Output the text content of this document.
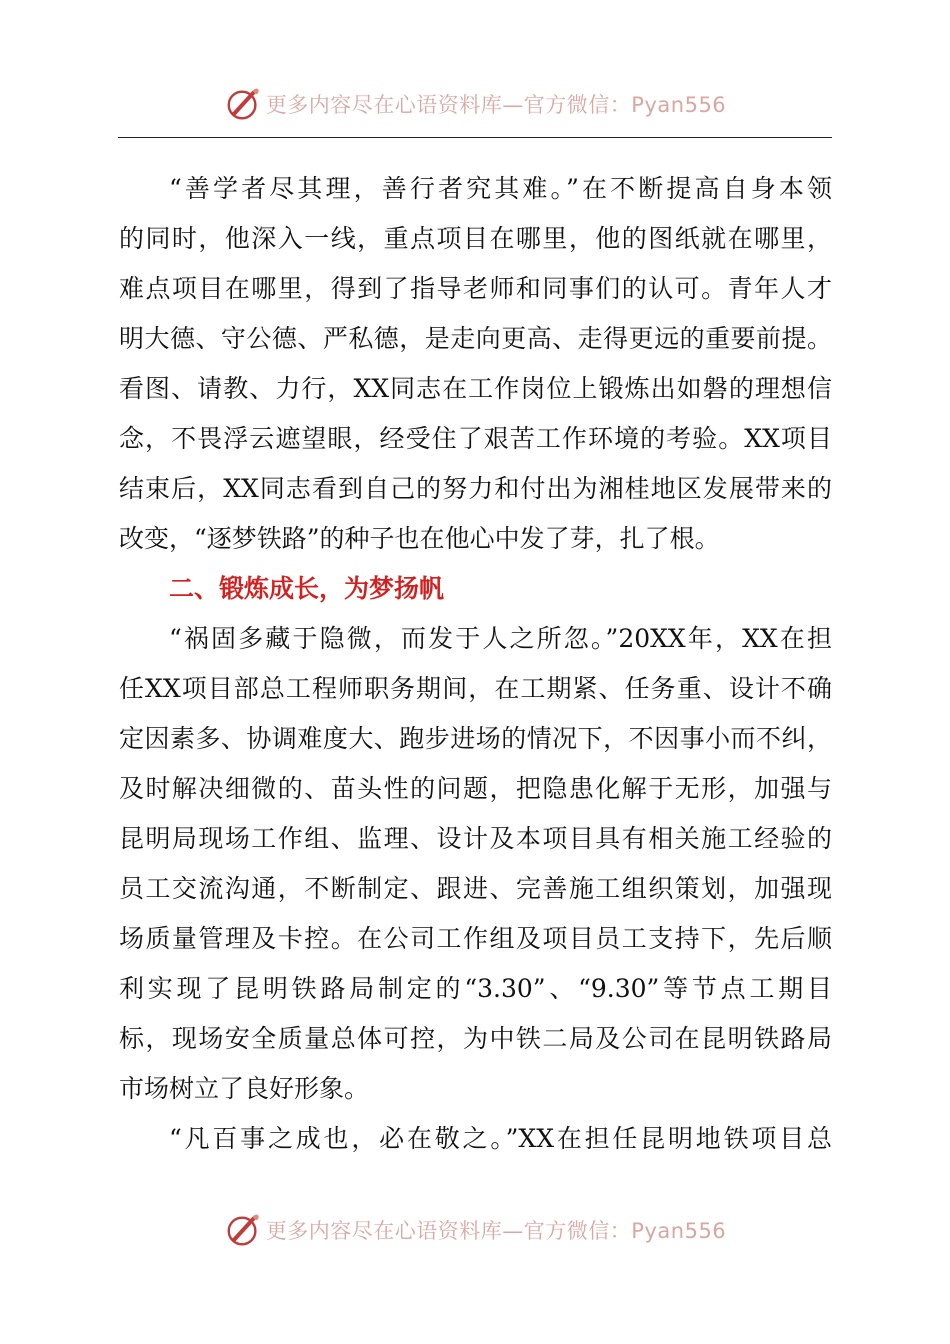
更多内容尽在心语资料库—官方微信：Pyan556
“善学者尽其理，善行者究其难。”在不断提高自身本领
的同时，他深入一线，重点项目在哪里，他的图纸就在哪里，
难点项目在哪里，得到了指导老师和同事们的认可。青年人才
明大德、守公德、严私德，是走向更高、走得更远的重要前提。
看图、请教、力行，XX同志在工作岗位上锻炼出如磐的理想信
念，不畏浮云遮望眼，经受住了艰苦工作环境的考验。XX项目
结束后，XX同志看到自己的努力和付出为湘桂地区发展带来的
改变，“逐梦铁路”的种子也在他心中发了芽，扎了根。
二、锻炼成长，为梦扬帆
“祸固多藏于隐微，而发于人之所忽。”20XX年，XX在担
任XX项目部总工程师职务期间，在工期紧、任务重、设计不确
定因素多、协调难度大、跑步进场的情况下，不因事小而不纠，
及时解决细微的、苗头性的问题，把隐患化解于无形，加强与
昆明局现场工作组、监理、设计及本项目具有相关施工经验的
员工交流沟通，不断制定、跟进、完善施工组织策划，加强现
场质量管理及卡控。在公司工作组及项目员工支持下，先后顺
利实现了昆明铁路局制定的“3.30”、“9.30”等节点工期目
标，现场安全质量总体可控，为中铁二局及公司在昆明铁路局
市场树立了良好形象。
“凡百事之成也，必在敬之。”XX在担任昆明地铁项目总
更多内容尽在心语资料库—官方微信：Pyan556
